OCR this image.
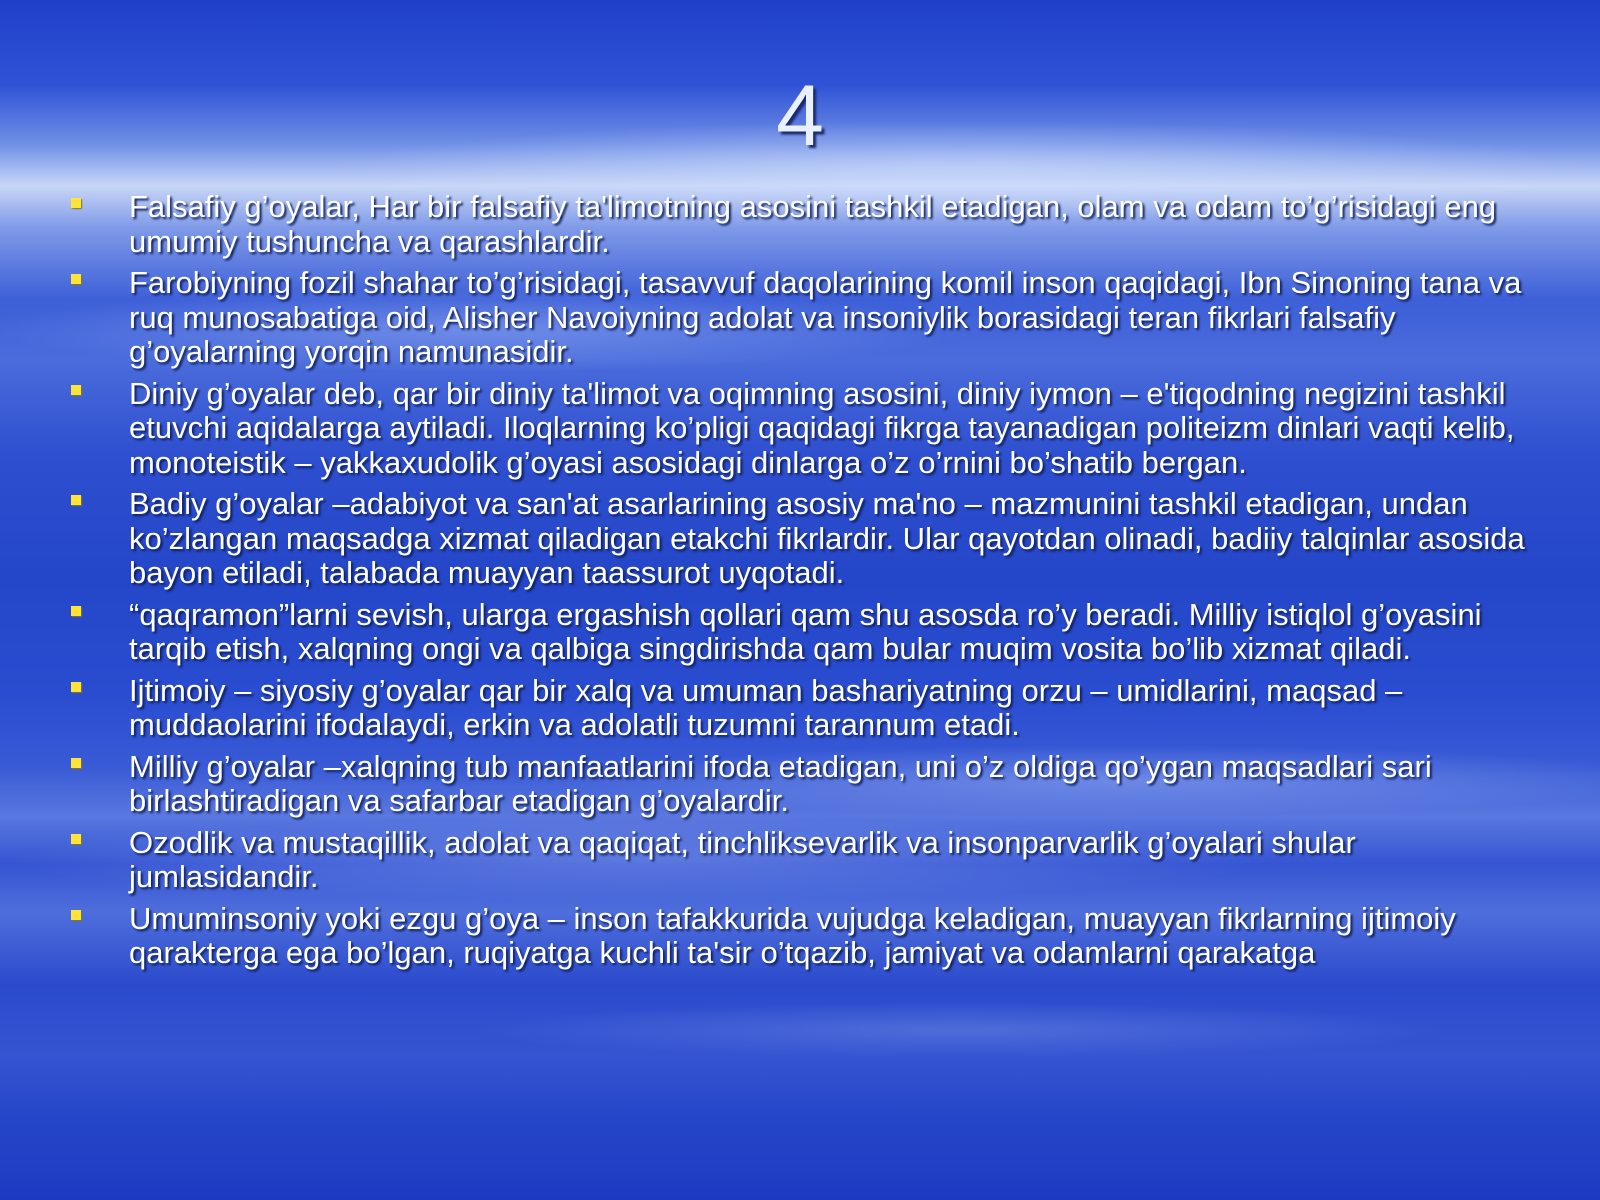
4
Falsafiy g’oyalar, Har bir falsafiy ta'limotning asosini tashkil etadigan, olam va odam to’g’risidagi eng umumiy tushuncha va qarashlardir.
Farobiyning fozil shahar to’g’risidagi, tasavvuf daqolarining komil inson qaqidagi, Ibn Sinoning tana va ruq munosabatiga oid, Alisher Navoiyning adolat va insoniylik borasidagi teran fikrlari falsafiy g’oyalarning yorqin namunasidir.
Diniy g’oyalar deb, qar bir diniy ta'limot va oqimning asosini, diniy iymon – e'tiqodning negizini tashkil etuvchi aqidalarga aytiladi. Iloqlarning ko’pligi qaqidagi fikrga tayanadigan politeizm dinlari vaqti kelib, monoteistik – yakkaxudolik g’oyasi asosidagi dinlarga o’z o’rnini bo’shatib bergan.
Badiy g’oyalar –adabiyot va san'at asarlarining asosiy ma'no – mazmunini tashkil etadigan, undan ko’zlangan maqsadga xizmat qiladigan etakchi fikrlardir. Ular qayotdan olinadi, badiiy talqinlar asosida bayon etiladi, talabada muayyan taassurot uyqotadi.
“qaqramon”larni sevish, ularga ergashish qollari qam shu asosda ro’y beradi. Milliy istiqlol g’oyasini tarqib etish, xalqning ongi va qalbiga singdirishda qam bular muqim vosita bo’lib xizmat qiladi.
Ijtimoiy – siyosiy g’oyalar qar bir xalq va umuman bashariyatning orzu – umidlarini, maqsad – muddaolarini ifodalaydi, erkin va adolatli tuzumni tarannum etadi.
Milliy g’oyalar –xalqning tub manfaatlarini ifoda etadigan, uni o’z oldiga qo’ygan maqsadlari sari birlashtiradigan va safarbar etadigan g’oyalardir.
Ozodlik va mustaqillik, adolat va qaqiqat, tinchliksevarlik va insonparvarlik g’oyalari shular jumlasidandir.
Umuminsoniy yoki ezgu g’oya – inson tafakkurida vujudga keladigan, muayyan fikrlarning ijtimoiy qarakterga ega bo’lgan, ruqiyatga kuchli ta'sir o’tqazib, jamiyat va odamlarni qarakatga
